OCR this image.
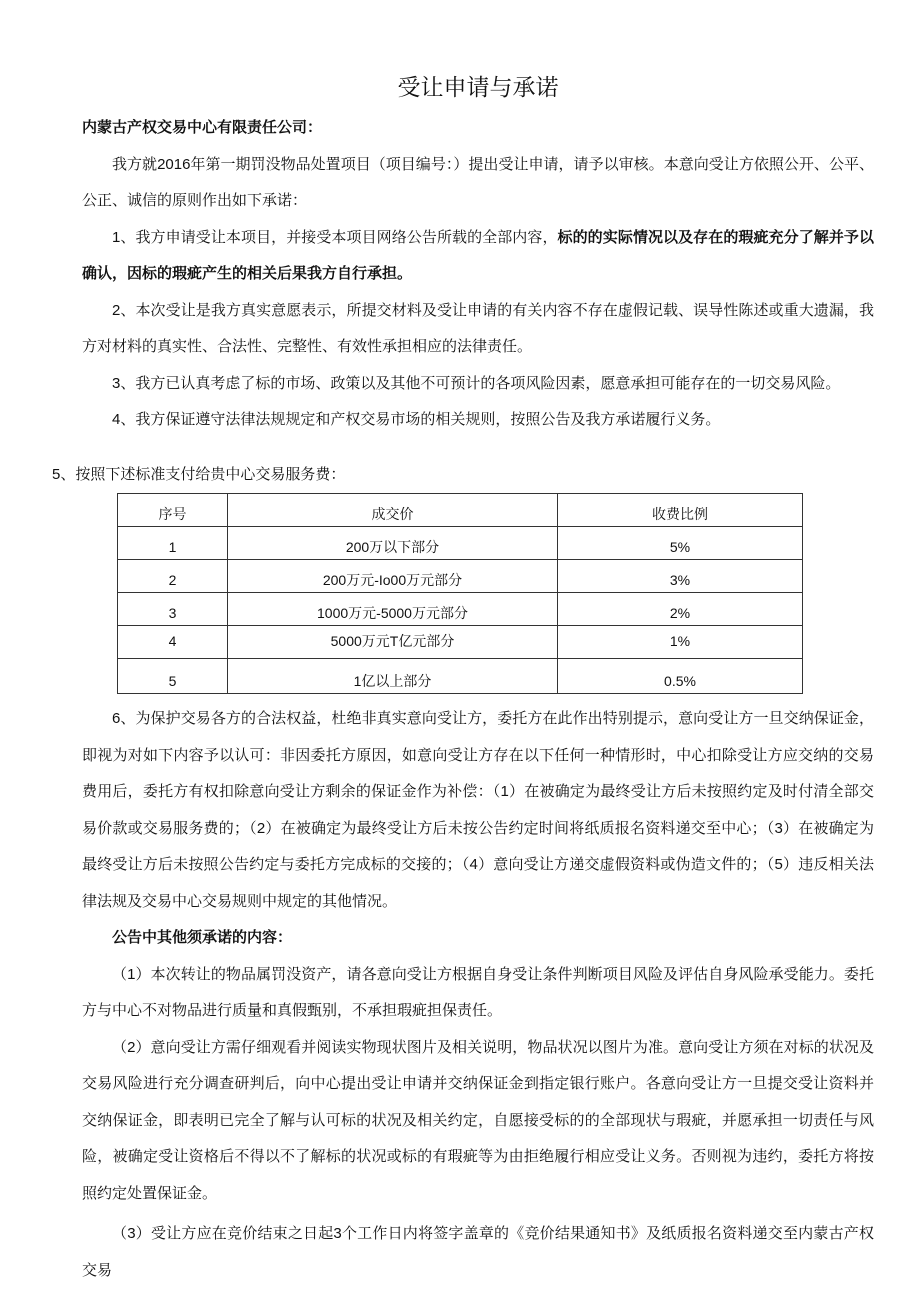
受让申请与承诺

内蒙古产权交易中心有限责任公司：

我方就2016年第一期罚没物品处置项目（项目编号：）提出受让申请，请予以审核。本意向受让方依照公开、公平、公正、诚信的原则作出如下承诺：

1、我方申请受让本项目，并接受本项目网络公告所载的全部内容，标的的实际情况以及存在的瑕疵充分了解并予以确认，因标的瑕疵产生的相关后果我方自行承担。

2、本次受让是我方真实意愿表示，所提交材料及受让申请的有关内容不存在虚假记载、误导性陈述或重大遗漏，我方对材料的真实性、合法性、完整性、有效性承担相应的法律责任。

3、我方已认真考虑了标的市场、政策以及其他不可预计的各项风险因素，愿意承担可能存在的一切交易风险。

4、我方保证遵守法律法规规定和产权交易市场的相关规则，按照公告及我方承诺履行义务。

5、按照下述标准支付给贵中心交易服务费：

序号	成交价	收费比例
1	200万以下部分	5%
2	200万元-Io00万元部分	3%
3	1000万元-5000万元部分	2%
4	5000万元T亿元部分	1%
5	1亿以上部分	0.5%

6、为保护交易各方的合法权益，杜绝非真实意向受让方，委托方在此作出特别提示，意向受让方一旦交纳保证金，即视为对如下内容予以认可：非因委托方原因，如意向受让方存在以下任何一种情形时，中心扣除受让方应交纳的交易费用后，委托方有权扣除意向受让方剩余的保证金作为补偿：（1）在被确定为最终受让方后未按照约定及时付清全部交易价款或交易服务费的；（2）在被确定为最终受让方后未按公告约定时间将纸质报名资料递交至中心；（3）在被确定为最终受让方后未按照公告约定与委托方完成标的交接的；（4）意向受让方递交虚假资料或伪造文件的；（5）违反相关法律法规及交易中心交易规则中规定的其他情况。

公告中其他须承诺的内容：

（1）本次转让的物品属罚没资产，请各意向受让方根据自身受让条件判断项目风险及评估自身风险承受能力。委托方与中心不对物品进行质量和真假甄别，不承担瑕疵担保责任。

（2）意向受让方需仔细观看并阅读实物现状图片及相关说明，物品状况以图片为准。意向受让方须在对标的状况及交易风险进行充分调查研判后，向中心提出受让申请并交纳保证金到指定银行账户。各意向受让方一旦提交受让资料并交纳保证金，即表明已完全了解与认可标的状况及相关约定，自愿接受标的的全部现状与瑕疵，并愿承担一切责任与风险，被确定受让资格后不得以不了解标的状况或标的有瑕疵等为由拒绝履行相应受让义务。否则视为违约，委托方将按照约定处置保证金。

（3）受让方应在竞价结束之日起3个工作日内将签字盖章的《竞价结果通知书》及纸质报名资料递交至内蒙古产权交易
